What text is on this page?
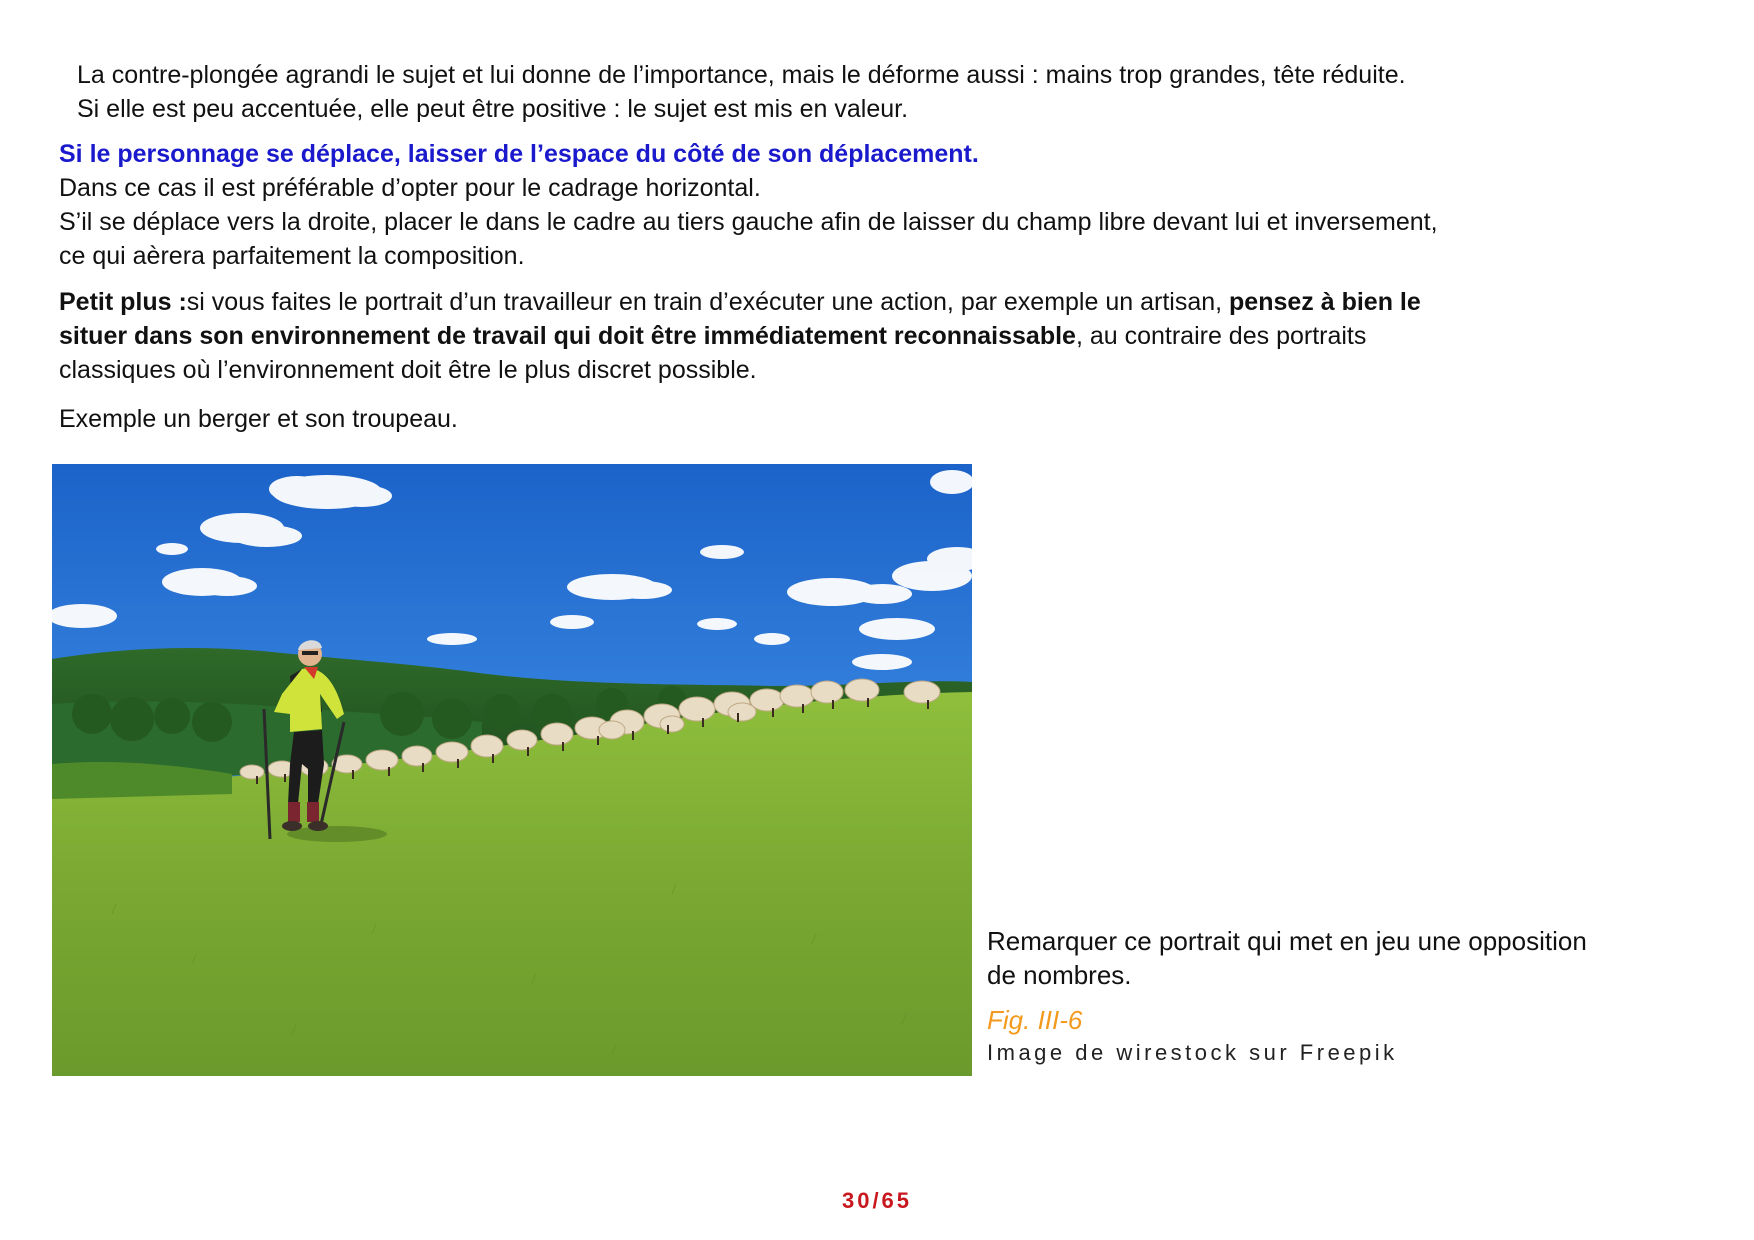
La contre-plongée agrandi le sujet et lui donne de l’importance, mais le déforme aussi : mains trop grandes, tête réduite.
Si elle est peu accentuée, elle peut être positive : le sujet est mis en valeur.
Si le personnage se déplace, laisser de l’espace du côté de son déplacement.
Dans ce cas il est préférable d’opter pour le cadrage horizontal.
S’il se déplace vers la droite, placer le dans le cadre au tiers gauche afin de laisser du champ libre devant lui et inversement,
ce qui aèrera parfaitement la composition.
Petit plus :si vous faites le portrait d’un travailleur en train d’exécuter une action, par exemple un artisan, pensez à bien le
situer dans son environnement de travail qui doit être immédiatement reconnaissable, au contraire des portraits
classiques où l’environnement doit être le plus discret possible.
Exemple un berger et son troupeau.
Remarquer ce portrait qui met en jeu une opposition
de nombres.
Fig. III-6
Image de wirestock sur Freepik
30/65
